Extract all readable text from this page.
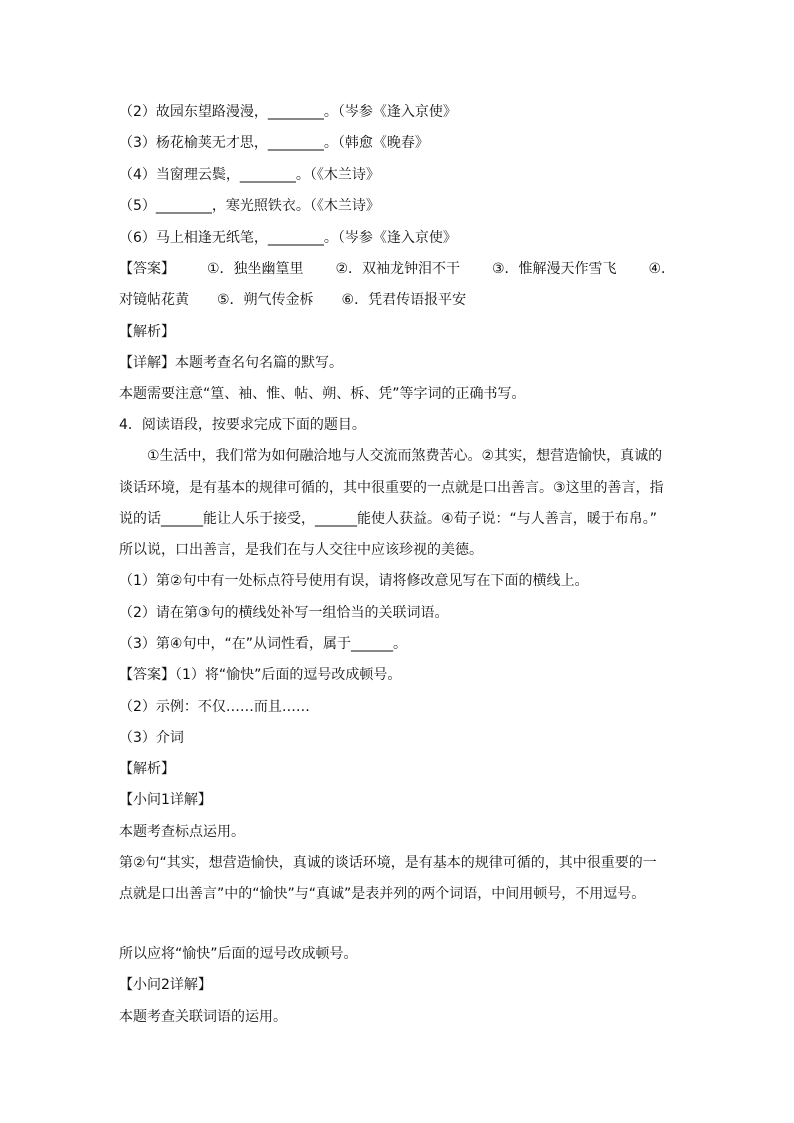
（2）故园东望路漫漫，________。（岑参《逢入京使》
（3）杨花榆荚无才思，________。（韩愈《晚春》
（4）当窗理云鬓，________。（《木兰诗》
（5）________，寒光照铁衣。（《木兰诗》
（6）马上相逢无纸笔，________。（岑参《逢入京使》
【答案】 ①．独坐幽篁里 ②．双袖龙钟泪不干 ③．惟解漫天作雪飞 ④．
对镜帖花黄　　⑤．朔气传金柝　　⑥．凭君传语报平安
【解析】
【详解】本题考查名句名篇的默写。
本题需要注意“篁、袖、惟、帖、朔、柝、凭”等字词的正确书写。
4．阅读语段，按要求完成下面的题目。
①生活中，我们常为如何融洽地与人交流而煞费苦心。②其实，想营造愉快，真诚的
谈话环境，是有基本的规律可循的，其中很重要的一点就是口出善言。③这里的善言，指
说的话______能让人乐于接受，______能使人获益。④荀子说：“与人善言，暖于布帛。”
所以说，口出善言，是我们在与人交往中应该珍视的美德。
（1）第②句中有一处标点符号使用有误，请将修改意见写在下面的横线上。
（2）请在第③句的横线处补写一组恰当的关联词语。
（3）第④句中，“在”从词性看，属于______。
【答案】（1）将“愉快”后面的逗号改成顿号。
（2）示例：不仅……而且……
（3）介词
【解析】
【小问1详解】
本题考查标点运用。
第②句“其实，想营造愉快，真诚的谈话环境，是有基本的规律可循的，其中很重要的一
点就是口出善言”中的“愉快”与“真诚”是表并列的两个词语，中间用顿号，不用逗号。
所以应将“愉快”后面的逗号改成顿号。
【小问2详解】
本题考查关联词语的运用。
